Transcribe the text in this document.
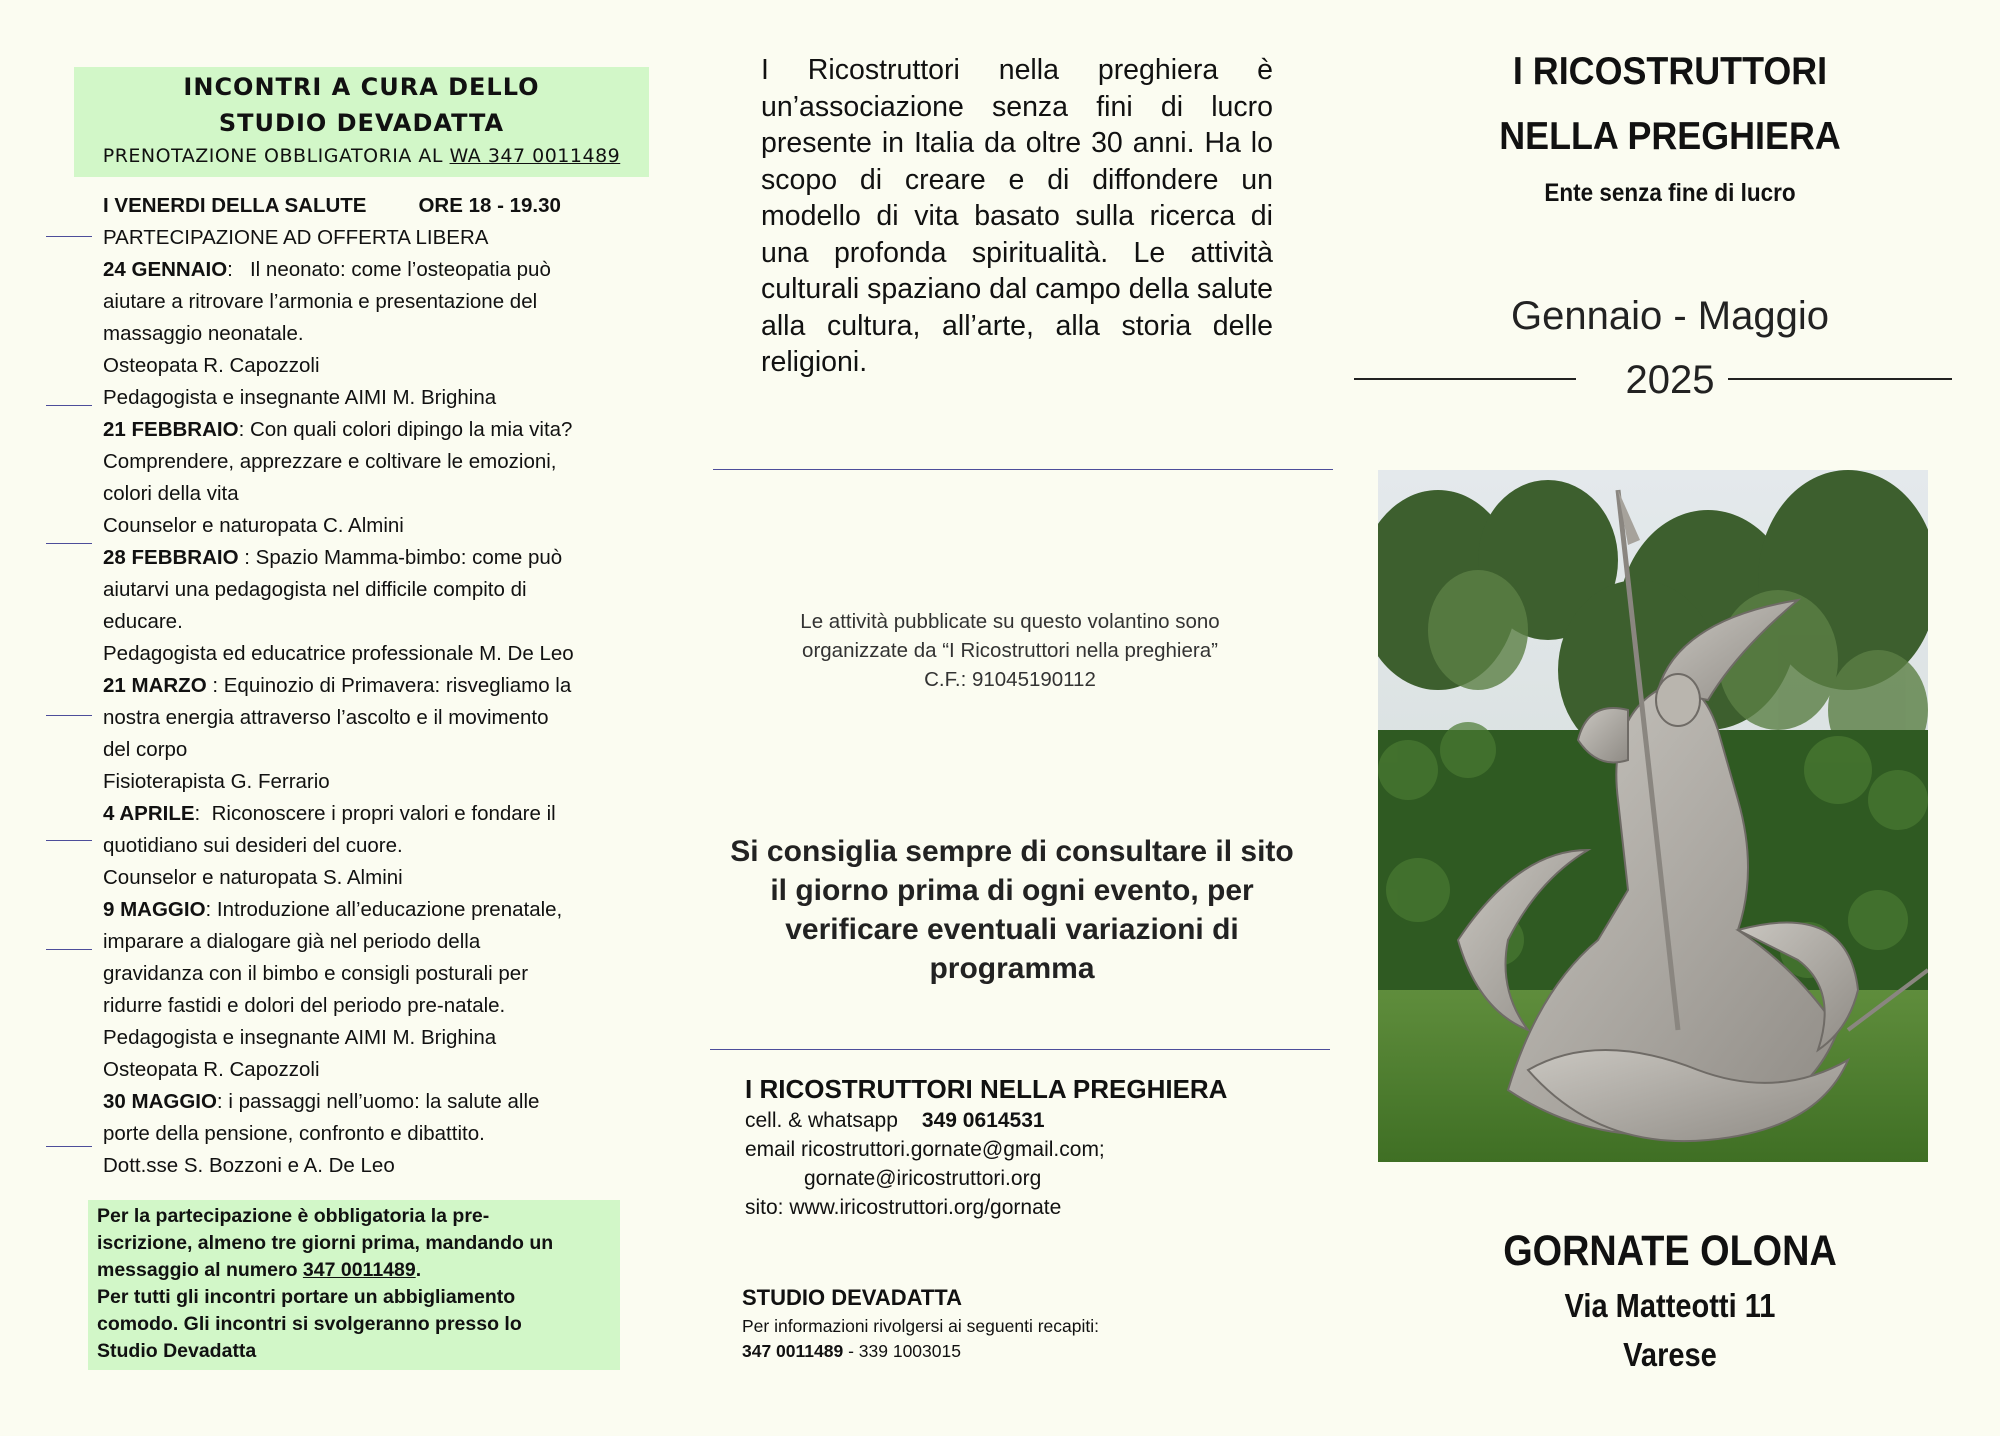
INCONTRI A CURA DELLO
STUDIO DEVADATTA
PRENOTAZIONE OBBLIGATORIA AL WA 347 0011489
I VENERDI DELLA SALUTE	ORE 18 - 19.30
PARTECIPAZIONE AD OFFERTA LIBERA
24 GENNAIO:   Il neonato: come l’osteopatia può
aiutare a ritrovare l’armonia e presentazione del
massaggio neonatale.
Osteopata R. Capozzoli
Pedagogista e insegnante AIMI M. Brighina
21 FEBBRAIO: Con quali colori dipingo la mia vita?
Comprendere, apprezzare e coltivare le emozioni,
colori della vita
Counselor e naturopata C. Almini
28 FEBBRAIO : Spazio Mamma-bimbo: come può
aiutarvi una pedagogista nel difficile compito di
educare.
Pedagogista ed educatrice professionale M. De Leo
21 MARZO : Equinozio di Primavera: risvegliamo la
nostra energia attraverso l’ascolto e il movimento
del corpo
Fisioterapista G. Ferrario
4 APRILE:  Riconoscere i propri valori e fondare il
quotidiano sui desideri del cuore.
Counselor e naturopata S. Almini
9 MAGGIO: Introduzione all’educazione prenatale,
imparare a dialogare già nel periodo della
gravidanza con il bimbo e consigli posturali per
ridurre fastidi e dolori del periodo pre-natale.
Pedagogista e insegnante AIMI M. Brighina
Osteopata R. Capozzoli
30 MAGGIO: i passaggi nell’uomo: la salute alle
porte della pensione, confronto e dibattito.
Dott.sse S. Bozzoni e A. De Leo
Per la partecipazione è obbligatoria la pre-
iscrizione, almeno tre giorni prima, mandando un
messaggio al numero 347 0011489.
Per tutti gli incontri portare un abbigliamento
comodo. Gli incontri si svolgeranno presso lo
Studio Devadatta
I Ricostruttori nella preghiera è un’associazione senza fini di lucro presente in Italia da oltre 30 anni. Ha lo scopo di creare e di diffondere un modello di vita basato sulla ricerca di una profonda spiritualità. Le attività culturali spaziano dal campo della salute alla cultura, all’arte, alla storia delle religioni.
Le attività pubblicate su questo volantino sono
organizzate da “I Ricostruttori nella preghiera”
C.F.: 91045190112
Si consiglia sempre di consultare il sito
il giorno prima di ogni evento, per
verificare eventuali variazioni di
programma
I RICOSTRUTTORI NELLA PREGHIERA
cell. & whatsapp 349 0614531
email ricostruttori.gornate@gmail.com;
gornate@iricostruttori.org
sito: www.iricostruttori.org/gornate
STUDIO DEVADATTA
Per informazioni rivolgersi ai seguenti recapiti:
347 0011489 - 339 1003015
I RICOSTRUTTORI
NELLA PREGHIERA
Ente senza fine di lucro
Gennaio - Maggio
2025
GORNATE OLONA
Via Matteotti 11
Varese
